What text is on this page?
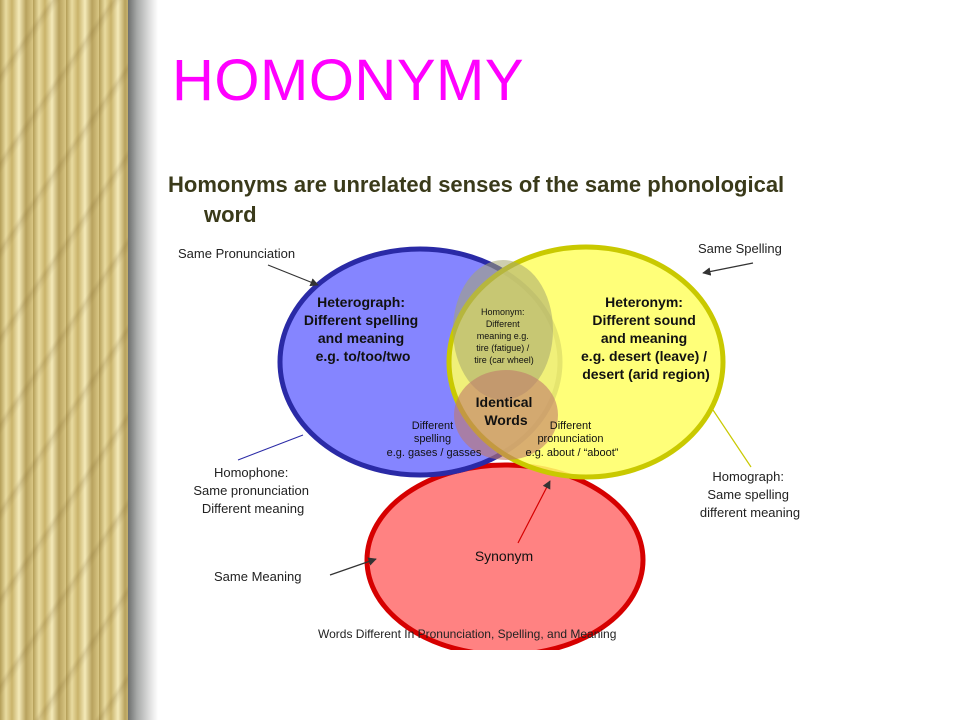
HOMONYMY
Homonyms are unrelated senses of the same phonological
word
Heterograph: Different spelling and meaning e.g. to/too/two
Heteronym: Different sound and meaning e.g. desert (leave) / desert (arid region)
Homonym: Different meaning e.g. tire (fatigue) / tire (car wheel)
Identical Words
Different spelling e.g. gases / gasses
Different pronunciation e.g. about / “aboot”
Synonym
Same Pronunciation	Same Spelling
Homophone: Same pronunciation Different meaning
Homograph: Same spelling different meaning
Same Meaning
Words Different In Pronunciation, Spelling, and Meaning
